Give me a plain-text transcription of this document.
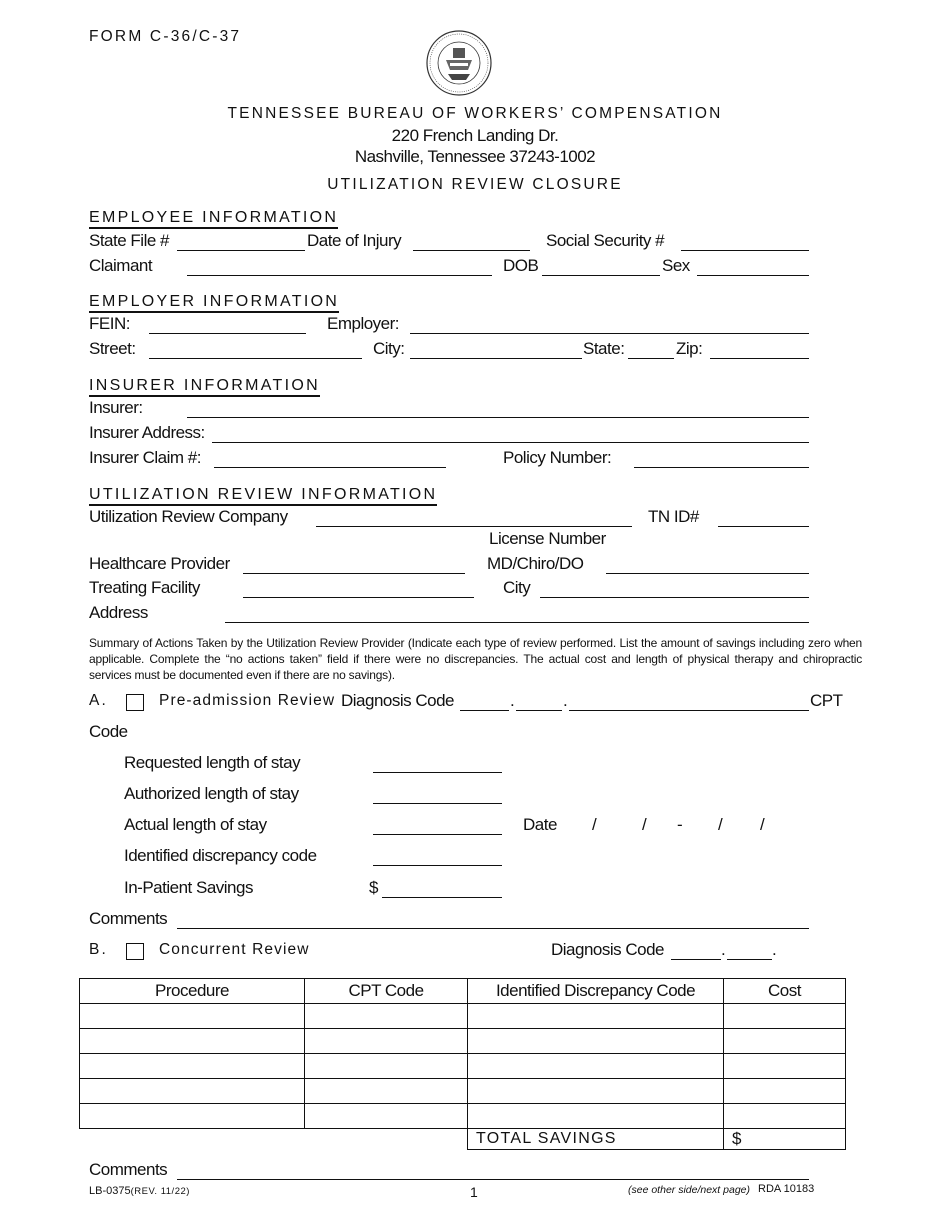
FORM C-36/C-37
TENNESSEE BUREAU OF WORKERS’ COMPENSATION
220 French Landing Dr.
Nashville, Tennessee 37243-1002
UTILIZATION REVIEW CLOSURE
EMPLOYEE INFORMATION
State File #	Date of Injury	Social Security #
Claimant	DOB	Sex
EMPLOYER INFORMATION
FEIN:	Employer:
Street:	City:	State:	Zip:
INSURER INFORMATION
Insurer:
Insurer Address:
Insurer Claim #:	Policy Number:
UTILIZATION REVIEW INFORMATION
Utilization Review Company	TN ID#
License Number
Healthcare Provider	MD/Chiro/DO
Treating Facility	City
Address
Summary of Actions Taken by the Utilization Review Provider (Indicate each type of review performed. List the amount of savings including zero when applicable. Complete the “no actions taken” field if there were no discrepancies. The actual cost and length of physical therapy and chiropractic services must be documented even if there are no savings).
A.	Pre-admission Review Diagnosis Code	.	.	CPT
Code
Requested length of stay
Authorized length of stay
Actual length of stay	Date /	/ - / /
Identified discrepancy code
In-Patient Savings	$
Comments
B.	Concurrent Review	Diagnosis Code	.	.
Procedure	CPT Code	Identified Discrepancy Code	Cost

		TOTAL SAVINGS	$
Comments
LB-0375(REV. 11/22)	1	(see other side/next page) RDA 10183
